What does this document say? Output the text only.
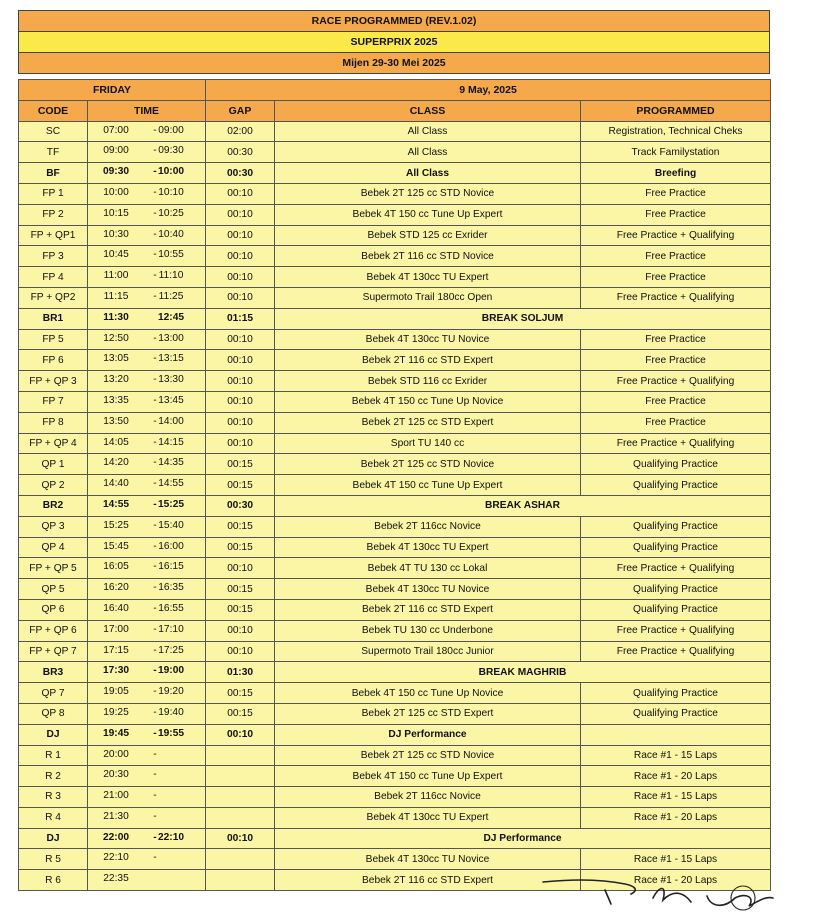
RACE PROGRAMMED (REV.1.02)
SUPERPRIX 2025
Mijen 29-30 Mei 2025
FRIDAY		9 May, 2025		
CODE	TIME	GAP	CLASS	PROGRAMMED
SC	07:00 - 09:00	02:00	All Class	Registration, Technical Cheks
TF	09:00 - 09:30	00:30	All Class	Track Familystation
BF	09:30 - 10:00	00:30	All Class	Breefing
FP 1	10:00 - 10:10	00:10	Bebek 2T 125 cc STD Novice	Free Practice
FP 2	10:15 - 10:25	00:10	Bebek 4T 150 cc Tune Up Expert	Free Practice
FP + QP1	10:30 - 10:40	00:10	Bebek STD 125 cc Exrider	Free Practice + Qualifying
FP 3	10:45 - 10:55	00:10	Bebek 2T 116 cc STD Novice	Free Practice
FP 4	11:00 - 11:10	00:10	Bebek 4T 130cc TU Expert	Free Practice
FP + QP2	11:15 - 11:25	00:10	Supermoto Trail 180cc Open	Free Practice + Qualifying
BR1	11:30 12:45	01:15	BREAK SOLJUM	
FP 5	12:50 - 13:00	00:10	Bebek 4T 130cc TU Novice	Free Practice
FP 6	13:05 - 13:15	00:10	Bebek 2T 116 cc STD Expert	Free Practice
FP + QP 3	13:20 - 13:30	00:10	Bebek STD 116 cc Exrider	Free Practice + Qualifying
FP 7	13:35 - 13:45	00:10	Bebek 4T 150 cc Tune Up Novice	Free Practice
FP 8	13:50 - 14:00	00:10	Bebek 2T 125 cc STD Expert	Free Practice
FP + QP 4	14:05 - 14:15	00:10	Sport TU 140 cc	Free Practice + Qualifying
QP 1	14:20 - 14:35	00:15	Bebek 2T 125 cc STD Novice	Qualifying Practice
QP 2	14:40 - 14:55	00:15	Bebek 4T 150 cc Tune Up Expert	Qualifying Practice
BR2	14:55 - 15:25	00:30	BREAK ASHAR	
QP 3	15:25 - 15:40	00:15	Bebek 2T 116cc Novice	Qualifying Practice
QP 4	15:45 - 16:00	00:15	Bebek 4T 130cc TU Expert	Qualifying Practice
FP + QP 5	16:05 - 16:15	00:10	Bebek 4T TU 130 cc Lokal	Free Practice + Qualifying
QP 5	16:20 - 16:35	00:15	Bebek 4T 130cc TU Novice	Qualifying Practice
QP 6	16:40 - 16:55	00:15	Bebek 2T 116 cc STD Expert	Qualifying Practice
FP + QP 6	17:00 - 17:10	00:10	Bebek TU 130 cc Underbone	Free Practice + Qualifying
FP + QP 7	17:15 - 17:25	00:10	Supermoto Trail 180cc Junior	Free Practice + Qualifying
BR3	17:30 - 19:00	01:30	BREAK MAGHRIB	
QP 7	19:05 - 19:20	00:15	Bebek 4T 150 cc Tune Up Novice	Qualifying Practice
QP 8	19:25 - 19:40	00:15	Bebek 2T 125 cc STD Expert	Qualifying Practice
DJ	19:45 - 19:55	00:10	DJ Performance	
R 1	20:00 -		Bebek 2T 125 cc STD Novice	Race #1 - 15 Laps
R 2	20:30 -		Bebek 4T 150 cc Tune Up Expert	Race #1 - 20 Laps
R 3	21:00 -		Bebek 2T 116cc Novice	Race #1 - 15 Laps
R 4	21:30 -		Bebek 4T 130cc TU Expert	Race #1 - 20 Laps
DJ	22:00 - 22:10	00:10	DJ Performance	
R 5	22:10 -		Bebek 4T 130cc TU Novice	Race #1 - 15 Laps
R 6	22:35		Bebek 2T 116 cc STD Expert	Race #1 - 20 Laps
